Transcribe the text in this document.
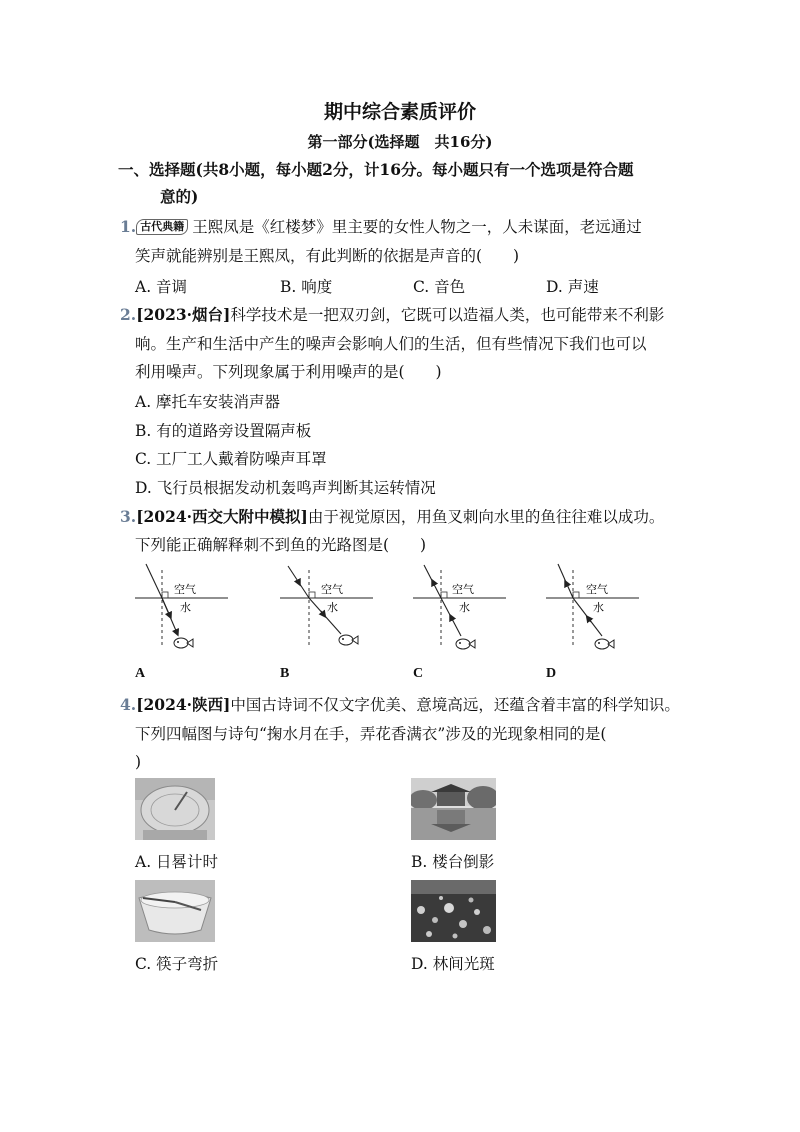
期中综合素质评价
第一部分(选择题　共16分)
一、选择题(共8小题，每小题2分，计16分。每小题只有一个选项是符合题
意的)
1. 古代典籍 王熙凤是《红楼梦》里主要的女性人物之一，人未谋面，老远通过
笑声就能辨别是王熙凤，有此判断的依据是声音的(　　)
A. 音调	B. 响度	C. 音色	D. 声速
2.[2023·烟台]科学技术是一把双刃剑，它既可以造福人类，也可能带来不利影
响。生产和生活中产生的噪声会影响人们的生活，但有些情况下我们也可以
利用噪声。下列现象属于利用噪声的是(　　)
A. 摩托车安装消声器
B. 有的道路旁设置隔声板
C. 工厂工人戴着防噪声耳罩
D. 飞行员根据发动机轰鸣声判断其运转情况
3.[2024·西交大附中模拟]由于视觉原因，用鱼叉刺向水里的鱼往往难以成功。
下列能正确解释刺不到鱼的光路图是(　　)
空气
水
空气
水
空气
水
空气
水
A	B	C	D
4.[2024·陕西]中国古诗词不仅文字优美、意境高远，还蕴含着丰富的科学知识。
下列四幅图与诗句“掬水月在手，弄花香满衣”涉及的光现象相同的是(
)
A. 日晷计时	B. 楼台倒影
C. 筷子弯折	D. 林间光斑
